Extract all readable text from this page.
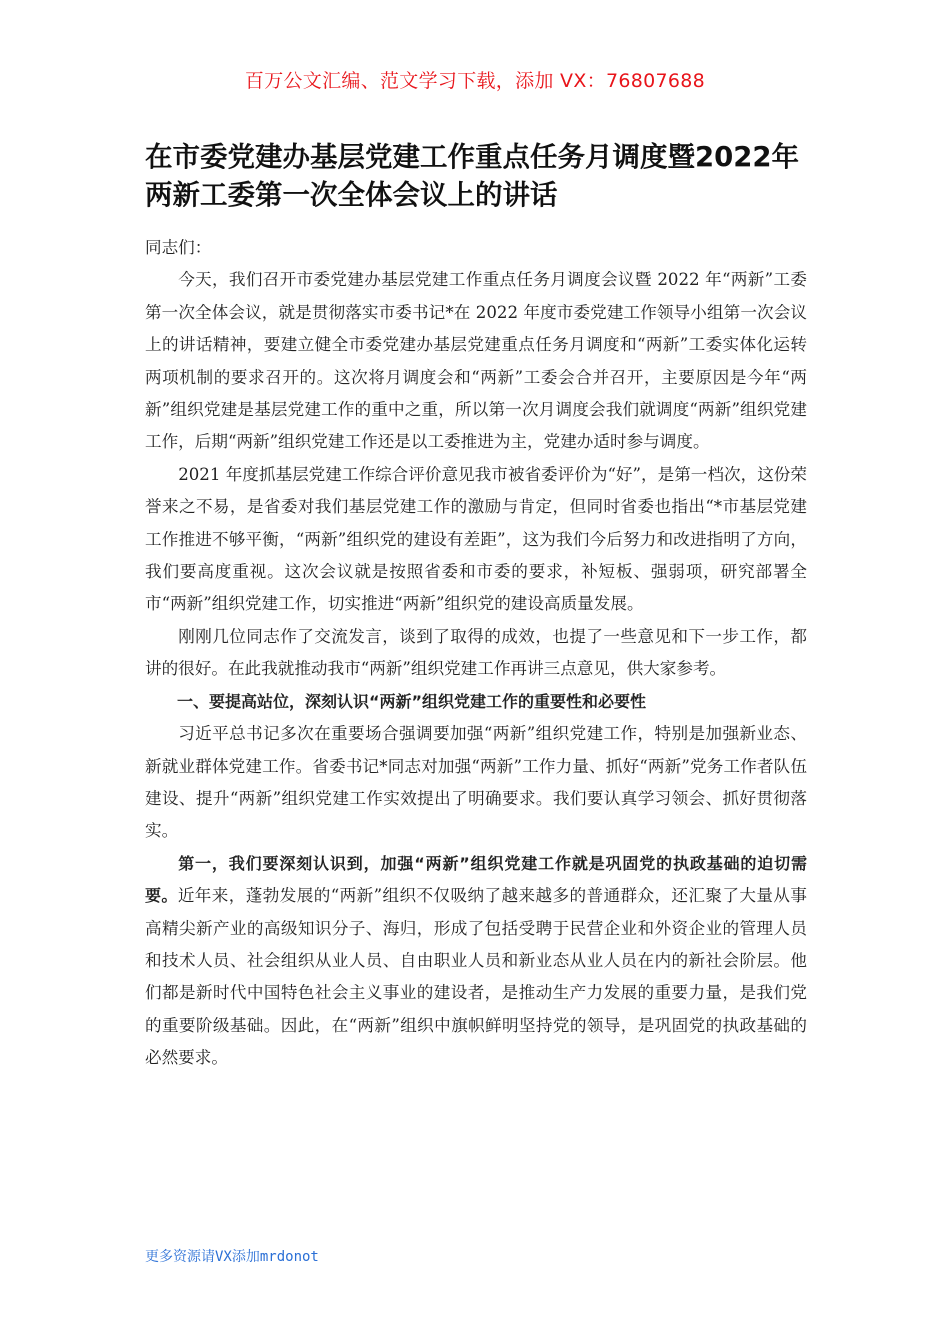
百万公文汇编、范文学习下载，添加 VX：76807688
在市委党建办基层党建工作重点任务月调度暨2022年两新工委第一次全体会议上的讲话

同志们：

今天，我们召开市委党建办基层党建工作重点任务月调度会议暨 2022 年“两新”工委第一次全体会议，就是贯彻落实市委书记*在 2022 年度市委党建工作领导小组第一次会议上的讲话精神，要建立健全市委党建办基层党建重点任务月调度和“两新”工委实体化运转两项机制的要求召开的。这次将月调度会和“两新”工委会合并召开，主要原因是今年“两新”组织党建是基层党建工作的重中之重，所以第一次月调度会我们就调度“两新”组织党建工作，后期“两新”组织党建工作还是以工委推进为主，党建办适时参与调度。

2021 年度抓基层党建工作综合评价意见我市被省委评价为“好”，是第一档次，这份荣誉来之不易，是省委对我们基层党建工作的激励与肯定，但同时省委也指出“*市基层党建工作推进不够平衡，“两新”组织党的建设有差距”，这为我们今后努力和改进指明了方向，我们要高度重视。这次会议就是按照省委和市委的要求，补短板、强弱项，研究部署全市“两新”组织党建工作，切实推进“两新”组织党的建设高质量发展。

刚刚几位同志作了交流发言，谈到了取得的成效，也提了一些意见和下一步工作，都讲的很好。在此我就推动我市“两新”组织党建工作再讲三点意见，供大家参考。

一、要提高站位，深刻认识“两新”组织党建工作的重要性和必要性

习近平总书记多次在重要场合强调要加强“两新”组织党建工作，特别是加强新业态、新就业群体党建工作。省委书记*同志对加强“两新”工作力量、抓好“两新”党务工作者队伍建设、提升“两新”组织党建工作实效提出了明确要求。我们要认真学习领会、抓好贯彻落实。

第一，我们要深刻认识到，加强“两新”组织党建工作就是巩固党的执政基础的迫切需要。近年来，蓬勃发展的“两新”组织不仅吸纳了越来越多的普通群众，还汇聚了大量从事高精尖新产业的高级知识分子、海归，形成了包括受聘于民营企业和外资企业的管理人员和技术人员、社会组织从业人员、自由职业人员和新业态从业人员在内的新社会阶层。他们都是新时代中国特色社会主义事业的建设者，是推动生产力发展的重要力量，是我们党的重要阶级基础。因此，在“两新”组织中旗帜鲜明坚持党的领导，是巩固党的执政基础的必然要求。

更多资源请VX添加mrdonot
